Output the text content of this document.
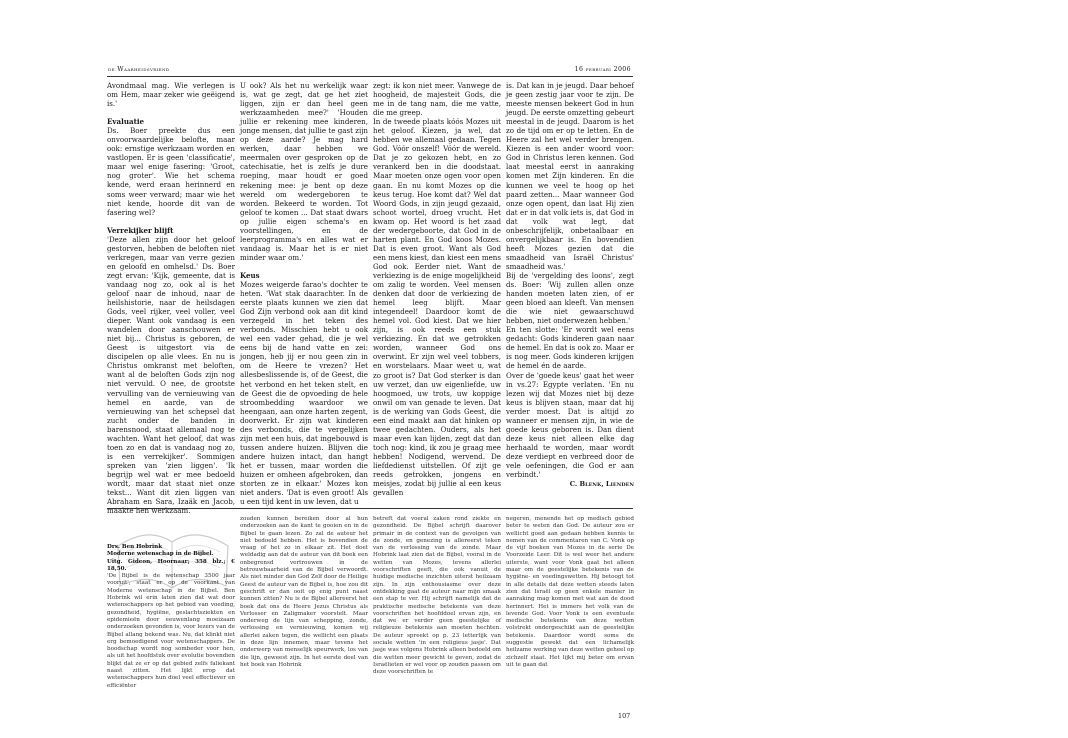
de Waarheidsvriend	16 februari 2006

Avondmaal mag. Wie verlegen is om Hem, maar zeker wie geëigend is.'

Evaluatie

Ds. Boer preekte dus een onvoorwaardelijke belofte, maar ook: ernstige werkzaam worden en vastlopen. Er is geen 'classificatie', maar wel enige fasering: 'Groot, nog groter'. Wie het schema kende, werd eraan herinnerd en soms weer verward; maar wie het niet kende, hoorde dit van de fasering wel?

Verrekijker blijft

'Deze allen zijn door het geloof gestorven, hebben de beloften niet verkregen, maar van verre gezien en geloofd en omhelsd.' Ds. Boer zegt ervan: 'Kijk, gemeente, dat is vandaag nog zo, ook al is het geloof naar de inhoud, naar de heilshistorie, naar de heilsdagen Gods, veel rijker, veel voller, veel dieper. Want ook vandaag is een wandelen door aanschouwen er niet bij... Christus is geboren, de Geest is uitgestort via de discipelen op alle vlees. En nu is Christus omkranst met beloften, want al de beloften Gods zijn nog niet vervuld. O nee, de grootste vervulling van de vernieuwing van hemel en aarde, van de vernieuwing van het schepsel dat zucht onder de banden in barensnood, staat allemaal nog te wachten. Want het geloof, dat was toen zo en dat is vandaag nog zo, is een verrekijker'. Sommigen spreken van 'zien liggen'. 'Ik begrijp wel wat er mee bedoeld wordt, maar dat staat niet onze tekst... Want dit zien liggen van Abraham en Sara, Izaäk en Jacob, maakte hen werkzaam.

U ook? Als het nu werkelijk waar is, wat ge zegt, dat ge het ziet liggen, zijn er dan heel geen werkzaamheden mee?' 'Houden jullie er rekening mee kinderen, jonge mensen, dat jullie te gast zijn op deze aarde? Je mag hard werken, daar hebben we meermalen over gesproken op de catechisatie, het is zelfs je dure roeping, maar houdt er goed rekening mee: je bent op deze wereld om wedergeboren te worden. Bekeerd te worden. Tot geloof te komen ... Dat staat dwars op jullie eigen schema's en voorstellingen, en de leerprogramma's en alles wat er vandaag is. Maar het is er niet minder waar om.'

Keus

Mozes weigerde farao's dochter te heten. 'Wat stak daarachter. In de eerste plaats kunnen we zien dat God Zijn verbond ook aan dit kind verzegeld in het teken des verbonds. Misschien hebt u ook wel een vader gehad, die je wel eens bij de hand vatte en zei: jongen, heb jij er nou geen zin in om de Heere te vrezen? Het allesbeslissende is, of de Geest, die het verbond en het teken stelt, en de Geest die de opvoeding de hele stroombedding waardoor we heengaan, aan onze harten zegent, doorwerkt. Er zijn wat kinderen des verbonds, die te vergelijken zijn met een huis, dat ingebouwd is tussen andere huizen. Blijven die andere huizen intact, dan hangt het er tussen, maar worden die huizen er omheen afgebroken, dan storten ze in elkaar.' Mozes kon niet anders. 'Dat is even groot! Als u een tijd kent in uw leven, dat u

zegt: ik kon niet meer. Vanwege de hoogheid, de majesteit Gods, die me in de tang nam, die me vatte, die me greep.

In de tweede plaats kóós Mozes uit het geloof. Kiezen, ja wel, dat hebben we allemaal gedaan. Tegen God. Vóór onszelf! Vóór de wereld. Dat je zo gekozen hebt, en zo verankerd ben in die doodstaat. Maar moeten onze ogen voor open gaan. En nu komt Mozes op die keus terug. Hoe komt dat? Wel dat Woord Gods, in zijn jeugd gezaaid, schoot wortel, droeg vrucht. Het kwam op. Het woord is het zaad der wedergeboorte, dat God in de harten plant. En God koos Mozes. Dat is even groot. Want als God een mens kiest, dan kiest een mens God ook. Eerder niet. Want de verkiezing is de enige mogelijkheid om zalig te worden. Veel mensen denken dat door de verkiezing de hemel leeg blijft. Maar integendeel! Daardoor komt de hemel vol. God kiest. Dat we hier zijn, is ook reeds een stuk verkiezing. En dat we getrokken worden, wanneer God ons overwint. Er zijn wel veel tobbers, en worstelaars. Maar weet u, wat zo groot is? Dat God sterker is dan uw verzet, dan uw eigenliefde, uw hoogmoed, uw trots, uw koppige onwil om van genade te leven. Dat is de werking van Gods Geest, die een eind maakt aan dat hinken op twee gedachten. Ouders, als het maar even kan lijden, zegt dat dan toch nog: kind, ik zou je graag mee hebben! Nodigend, wervend. De liefdedienst uitstellen. Of zijt ge reeds getrokken, jongens en meisjes, zodat bij jullie al een keus gevallen

is. Dat kan in je jeugd. Daar behoef je geen zestig jaar voor te zijn. De meeste mensen bekeert God in hun jeugd. De eerste omzetting gebeurt meestal in de jeugd. Daarom is het zo de tijd om er op te letten. En de Heere zal het wel verder brengen. Kiezen is een ander woord voor: God in Christus leren kennen. God laat meestal eerst in aanraking komen met Zijn kinderen. En die kunnen we veel te hoog op het paard zetten... Maar wanneer God onze ogen opent, dan laat Hij zien dat er in dat volk iets is, dat God in dat volk wat legt, dat onbeschrijfelijk, onbetaalbaar en onvergelijkbaar is. En bovendien heeft Mozes gezien dat die smaadheid van Israël Christus' smaadheid was.'

Bij de 'vergelding des loons', zegt ds. Boer: 'Wij zullen allen onze handen moeten laten zien, of er geen bloed aan kleeft. Van mensen die wie niet gewaarschuwd hebben, niet onderwezen hebben.'

En ten slotte: 'Er wordt wel eens gedacht: Gods kinderen gaan naar de hemel. En dat is ook zo. Maar er is nog meer. Gods kinderen krijgen de hemel én de aarde.

Over de 'goede keus' gaat het weer in vs.27: Egypte verlaten. 'En nu lezen wij dat Mozes niet bij deze keus is blijven staan, maar dat hij verder moest. Dat is altijd zo wanneer er mensen zijn, in wie de goede keus geboren is. Dan dient deze keus niet alleen elke dag herhaald te worden, maar wordt deze verdiept en verbreed door de vele oefeningen, die God er aan verbindt.'

C. Blenk, Lienden

Drs. Ben Hobrink

Moderne wetenschap in de Bijbel.

Uitg. Gideon, Hoornaar; 358 blz.; € 18,50.

'De Bijbel is de wetenschap 3500 jaar vooruit', staat er op de voorkant van Moderne wetenschap in de Bijbel. Ben Hobrink wil erin laten zien dat wat door wetenschappers op het gebied van voeding, gezondheid, hygiëne, geslachtsziekten en epidemieën door eeuwenlang moeizaam onderzoeken gevonden is, voor lezers van de Bijbel allang bekend was. Nu, dat klinkt niet erg bemoedigend voor wetenschappers. De boodschap wordt nog sombeder voor hen, als uit het hoofdstuk over evolutie bovendien blijkt dat ze er op dat gebied zelfs faliekant naast zitten. Het lijkt erop dat wetenschappers hun doel veel effectiever en efficiënter

zouden kunnen bereiken door al hun onderzoeken aan de kant te gooien en in de Bijbel te gaan lezen. Zo zal de auteur het niet bedoeld hebben. Het is bovendien de vraag of het zo in elkaar zit. Het doet weldadig aan dat de auteur van dit boek een onbegrensd vertrouwen in de betrouwbaarheid van de Bijbel verwoordt. Als niet minder dan God Zelf door de Heilige Geest de auteur van de Bijbel is, hoe zou dit geschrift er dan ooit op enig punt naast kunnen zitten? Nu is de Bijbel allereerst het boek dat ons de Heere Jezus Christus als Verlosser en Zaligmaker voorstelt. Maar onderweg de lijn van schepping, zonde, verlossing en vernieuwing, komen wij allerlei zaken tegen, die wellicht een plaats in deze lijn innemen, maar tevens het onderwerp van menselijk speurwerk, los van die lijn, geweest zijn. In het eerste deel van het boek van Hobrink

betreft dat voeral zaken rond ziekte en gezondheid. De Bijbel schrijft daarover primair in de context van de gevolgen van de zonde, en genezing is allereerst teken van de verlossing van de zonde. Maar Hobrink laat zien dat de Bijbel, vooral in de wetten van Mozes, tevens allerlei voorschriften geeft, die ook vanuit de huidige medische inzichten uiterst heilzaam zijn. In zijn enthousiasme over deze ontdekking gaat de auteur naar mijn smaak een stap te ver. Hij schrijft namelijk dat de praktische medische betekenis van deze voorschriften het hoofddoel ervan zijn, en dat we er verder geen geestelijke of religieuze betekenis aan moeten hechten. De auteur spreekt op p. 23 letterlijk van sociale wetten 'in een religieus jasje'. Dat jasje was volgens Hobrink alleen bedoeld om die wetten meer gewicht te geven, zodat de Israëlieten er wel voor op zouden passen om deze voorschriften te

negeren, menende het op medisch gebied beter te weten dan God. De auteur zou er wellicht goed aan gedaan hebben kennis te nemen van de commentaren van C. Vonk op de vijf boeken van Mozes in de serie De Voorzeide Leer. Dit is wel weer het andere uiterste, want voor Vonk gaat het alleen maar om de geestelijke betekenis van de hygiëne- en voedingswetten. Hij betoogt tot in alle details dat deze wetten steeds laten zien dat Israël op geen enkele manier in aanraking mag komen met wat aan de dood herinnert. Het is immers het volk van de levende God. Voor Vonk is een eventuele medische betekenis van deze wetten volstrekt ondergeschikt aan de geestelijke betekenis. Daardoor wordt soms de suggestie gewekt dat een lichamelijk heilzame werking van deze wetten geheel op zichzelf staat. Het lijkt mij beter om ervan uit te gaan dat

107
